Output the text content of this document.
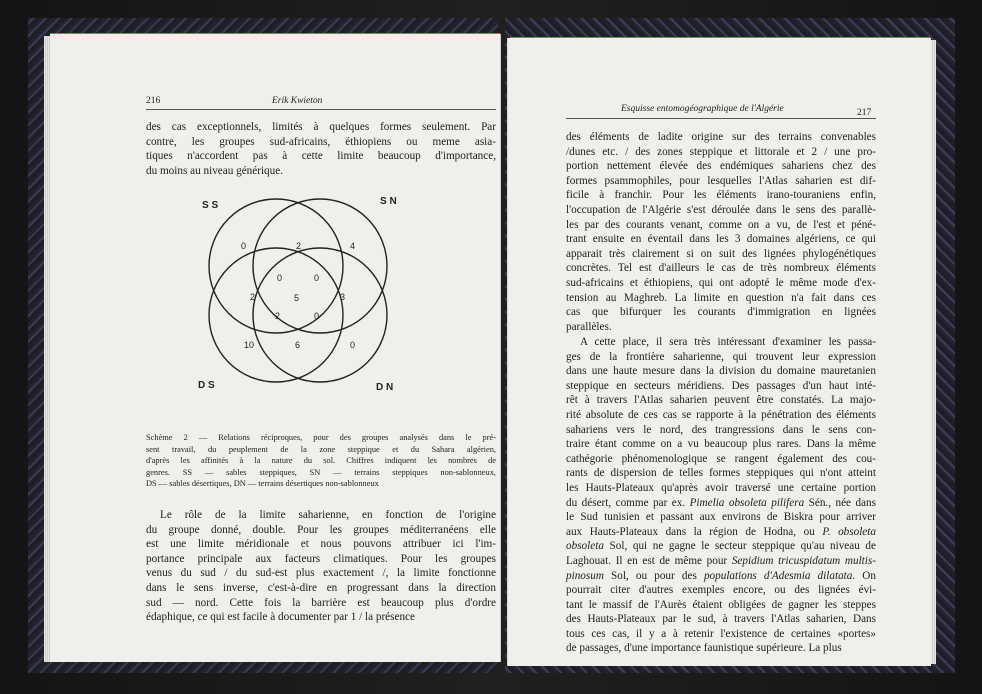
216	Erik Kwieton
des cas exceptionnels, limités à quelques formes seulement. Par
contre, les groupes sud-africains, éthiopiens ou meme asia-
tiques n'accordent pas à cette limite beaucoup d'importance,
du moins au niveau générique.
S S	S N
D S	D N
0	2	4
0	0
2	5	3
2	0
10	6	0
Schème 2 — Relations réciproques, pour des groupes analysés dans le pré-
sent travail, du peuplement de la zone steppique et du Sahara algérien,
d'après les affinités à la nature du sol. Chiffres indiquent les nombres de
genres. SS — sables steppiques, SN — terrains steppiques non-sablonneux,
DS — sables désertiques, DN — terrains désertiques non-sablonneux
Le rôle de la limite saharienne, en fonction de l'origine
du groupe donné, double. Pour les groupes méditerranéens elle
est une limite méridionale et nous pouvons attribuer ici l'im-
portance principale aux facteurs climatiques. Pour les groupes
venus du sud / du sud-est plus exactement /, la limite fonctionne
dans le sens inverse, c'est-à-dire en progressant dans la direction
sud — nord. Cette fois la barrière est beaucoup plus d'ordre
édaphique, ce qui est facile à documenter par 1 / la présence
Esquisse entomogéographique de l'Algérie	217
des éléments de ladite origine sur des terrains convenables
/dunes etc. / des zones steppique et littorale et 2 / une pro-
portion nettement élevée des endémiques sahariens chez des
formes psammophiles, pour lesquelles l'Atlas saharien est dif-
ficile à franchir. Pour les éléments irano-touraniens enfin,
l'occupation de l'Algérie s'est déroulée dans le sens des parallè-
les par des courants venant, comme on a vu, de l'est et péné-
trant ensuite en éventail dans les 3 domaines algériens, ce qui
apparait très clairement si on suit des lignées phylogénétiques
concrètes. Tel est d'ailleurs le cas de très nombreux éléments
sud-africains et éthiopiens, qui ont adopté le même mode d'ex-
tension au Maghreb. La limite en question n'a fait dans ces
cas que bifurquer les courants d'immigration en lignées
parallèles.
A cette place, il sera très intéressant d'examiner les passa-
ges de la frontière saharienne, qui trouvent leur expression
dans une haute mesure dans la division du domaine mauretanien
steppique en secteurs méridiens. Des passages d'un haut inté-
rêt à travers l'Atlas saharien peuvent être constatés. La majo-
rité absolute de ces cas se rapporte à la pénétration des éléments
sahariens vers le nord, des trangressions dans le sens con-
traire étant comme on a vu beaucoup plus rares. Dans la même
cathégorie phénomenologique se rangent également des cou-
rants de dispersion de telles formes steppiques qui n'ont atteint
les Hauts-Plateaux qu'après avoir traversé une certaine portion
du désert, comme par ex. Pimelia obsoleta pilifera Sén., née dans
le Sud tunisien et passant aux environs de Biskra pour arriver
aux Hauts-Plateaux dans la région de Hodna, ou P. obsoleta
obsoleta Sol, qui ne gagne le secteur steppique qu'au niveau de
Laghouat. Il en est de même pour Sepidium tricuspidatum multis-
pinosum Sol, ou pour des populations d'Adesmia dilatata. On
pourrait citer d'autres exemples encore, ou des lignées évi-
tant le massif de l'Aurès étaient obligées de gagner les steppes
des Hauts-Plateaux par le sud, à travers l'Atlas saharien, Dans
tous ces cas, il y a à retenir l'existence de certaines «portes»
de passages, d'une importance faunistique supérieure. La plus
